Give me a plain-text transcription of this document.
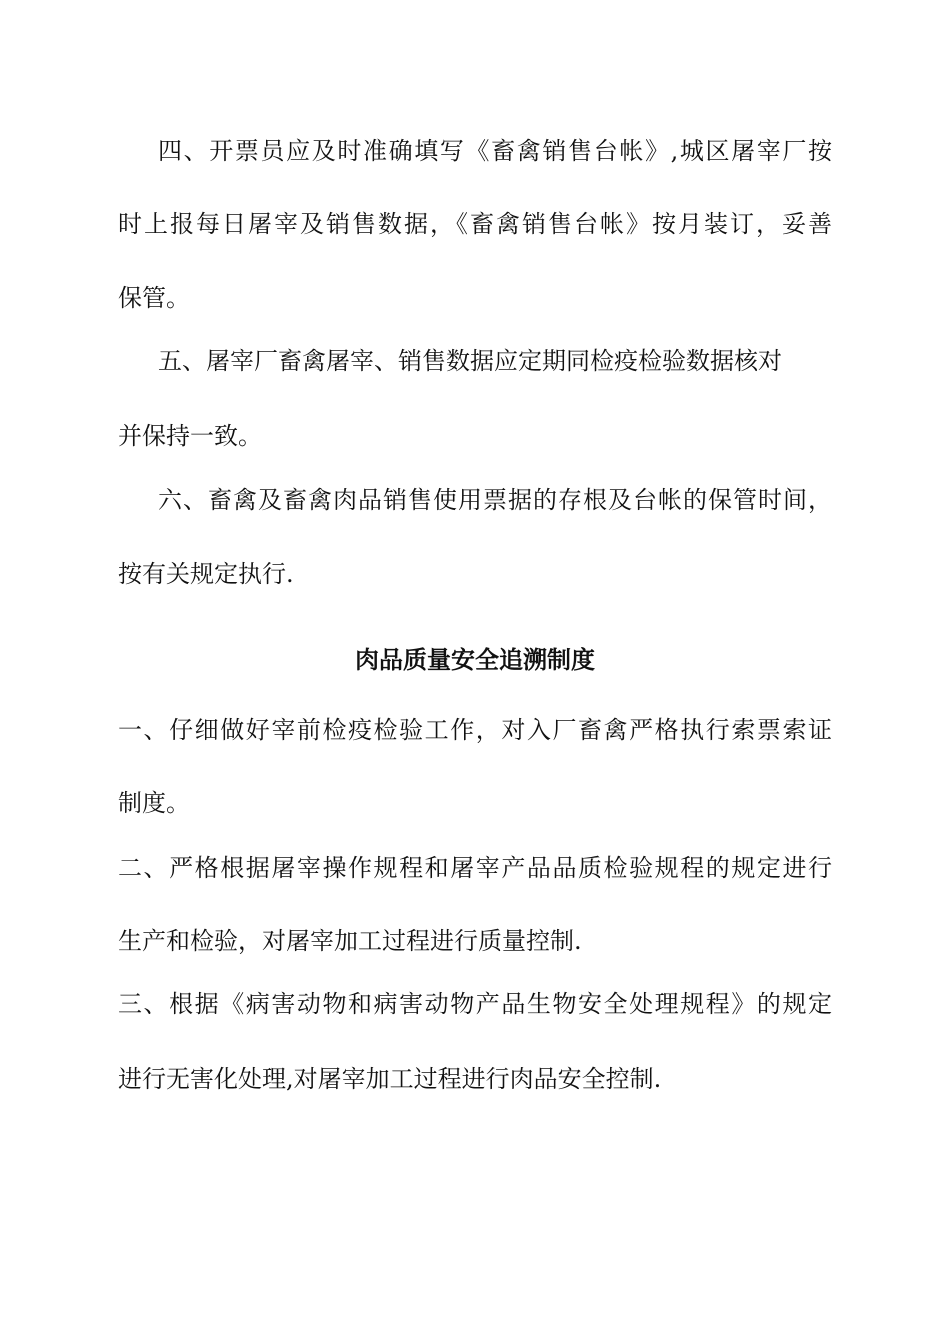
四、开票员应及时准确填写《畜禽销售台帐》,城区屠宰厂按
时上报每日屠宰及销售数据，《畜禽销售台帐》按月装订，妥善
保管。
五、屠宰厂畜禽屠宰、销售数据应定期同检疫检验数据核对
并保持一致。
六、畜禽及畜禽肉品销售使用票据的存根及台帐的保管时间，
按有关规定执行.
肉品质量安全追溯制度
一、仔细做好宰前检疫检验工作，对入厂畜禽严格执行索票索证
制度。
二、严格根据屠宰操作规程和屠宰产品品质检验规程的规定进行
生产和检验，对屠宰加工过程进行质量控制.
三、根据《病害动物和病害动物产品生物安全处理规程》的规定
进行无害化处理,对屠宰加工过程进行肉品安全控制.
